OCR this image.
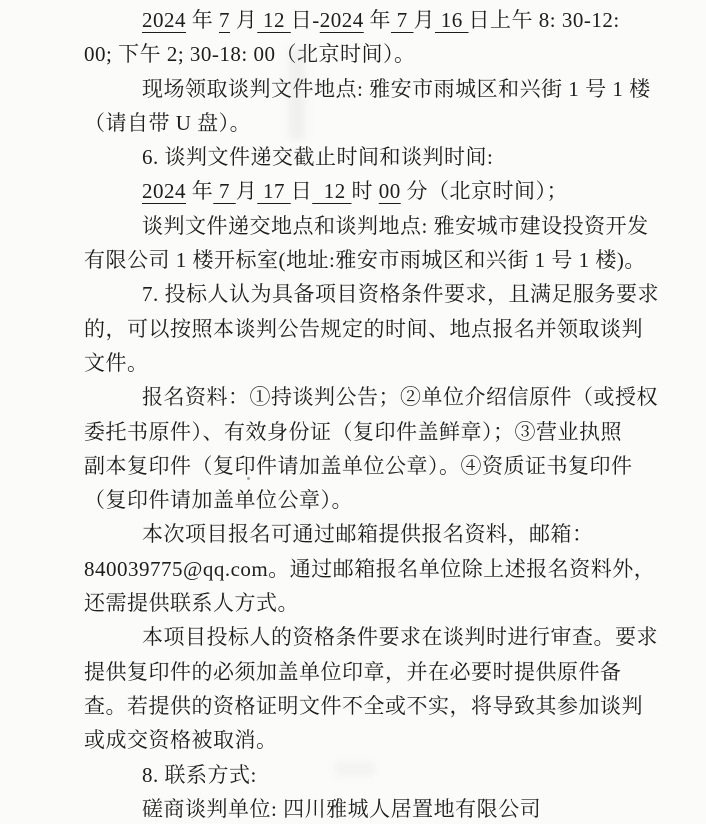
2024 年 7 月 12 日-2024 年 7 月 16 日上午 8: 30-12:

00; 下午 2; 30-18: 00（北京时间）。

现场领取谈判文件地点: 雅安市雨城区和兴街 1 号 1 楼

（请自带 U 盘）。

6. 谈判文件递交截止时间和谈判时间:

2024 年 7 月 17 日  12 时 00 分（北京时间）；

谈判文件递交地点和谈判地点: 雅安城市建设投资开发

有限公司 1 楼开标室(地址:雅安市雨城区和兴街 1 号 1 楼)。

7. 投标人认为具备项目资格条件要求，且满足服务要求

的，可以按照本谈判公告规定的时间、地点报名并领取谈判

文件。

报名资料：①持谈判公告；②单位介绍信原件（或授权

委托书原件）、有效身份证（复印件盖鲜章）；③营业执照

副本复印件（复印件请加盖单位公章）。④资质证书复印件

（复印件请加盖单位公章）。

本次项目报名可通过邮箱提供报名资料，邮箱：

840039775@qq.com。通过邮箱报名单位除上述报名资料外，

还需提供联系人方式。

本项目投标人的资格条件要求在谈判时进行审查。要求

提供复印件的必须加盖单位印章，并在必要时提供原件备

查。若提供的资格证明文件不全或不实，将导致其参加谈判

或成交资格被取消。

8. 联系方式:

磋商谈判单位: 四川雅城人居置地有限公司
